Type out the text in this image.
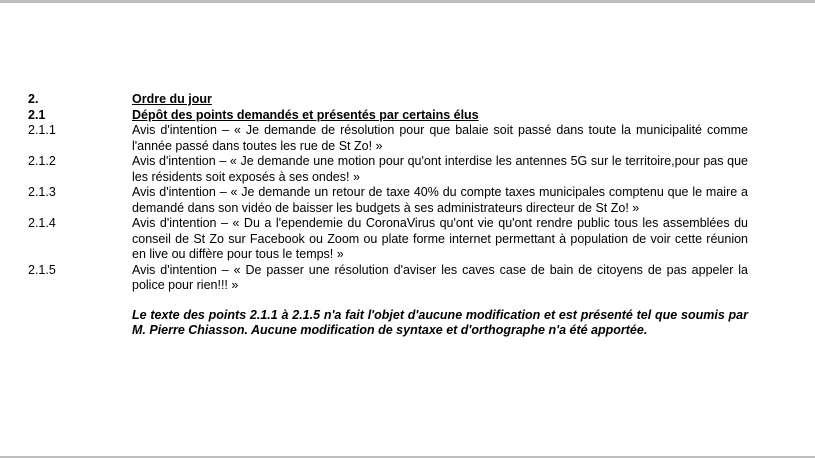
2.	Ordre du jour
2.1	Dépôt des points demandés et présentés par certains élus
2.1.1	Avis d'intention – « Je demande de résolution pour que balaie soit passé dans toute la municipalité comme l'année passé dans toutes les rue de St Zo! »
2.1.2	Avis d'intention – « Je demande une motion pour qu'ont interdise les antennes 5G sur le territoire,pour pas que les résidents soit exposés à ses ondes! »
2.1.3	Avis d'intention – « Je demande un retour de taxe 40% du compte taxes municipales comptenu que le maire a demandé dans son vidéo de baisser les budgets à ses administrateurs directeur de St Zo! »
2.1.4	Avis d'intention – « Du a l'ependemie du CoronaVirus qu'ont vie qu'ont rendre public tous les assemblées du conseil de St Zo sur Facebook ou Zoom ou plate forme internet permettant à population de voir cette réunion en live ou diffère pour tous le temps! »
2.1.5	Avis d'intention – « De passer une résolution d'aviser les caves case de bain de citoyens de pas appeler la police pour rien!!! »
Le texte des points 2.1.1 à 2.1.5 n'a fait l'objet d'aucune modification et est présenté tel que soumis par M. Pierre Chiasson. Aucune modification de syntaxe et d'orthographe n'a été apportée.
